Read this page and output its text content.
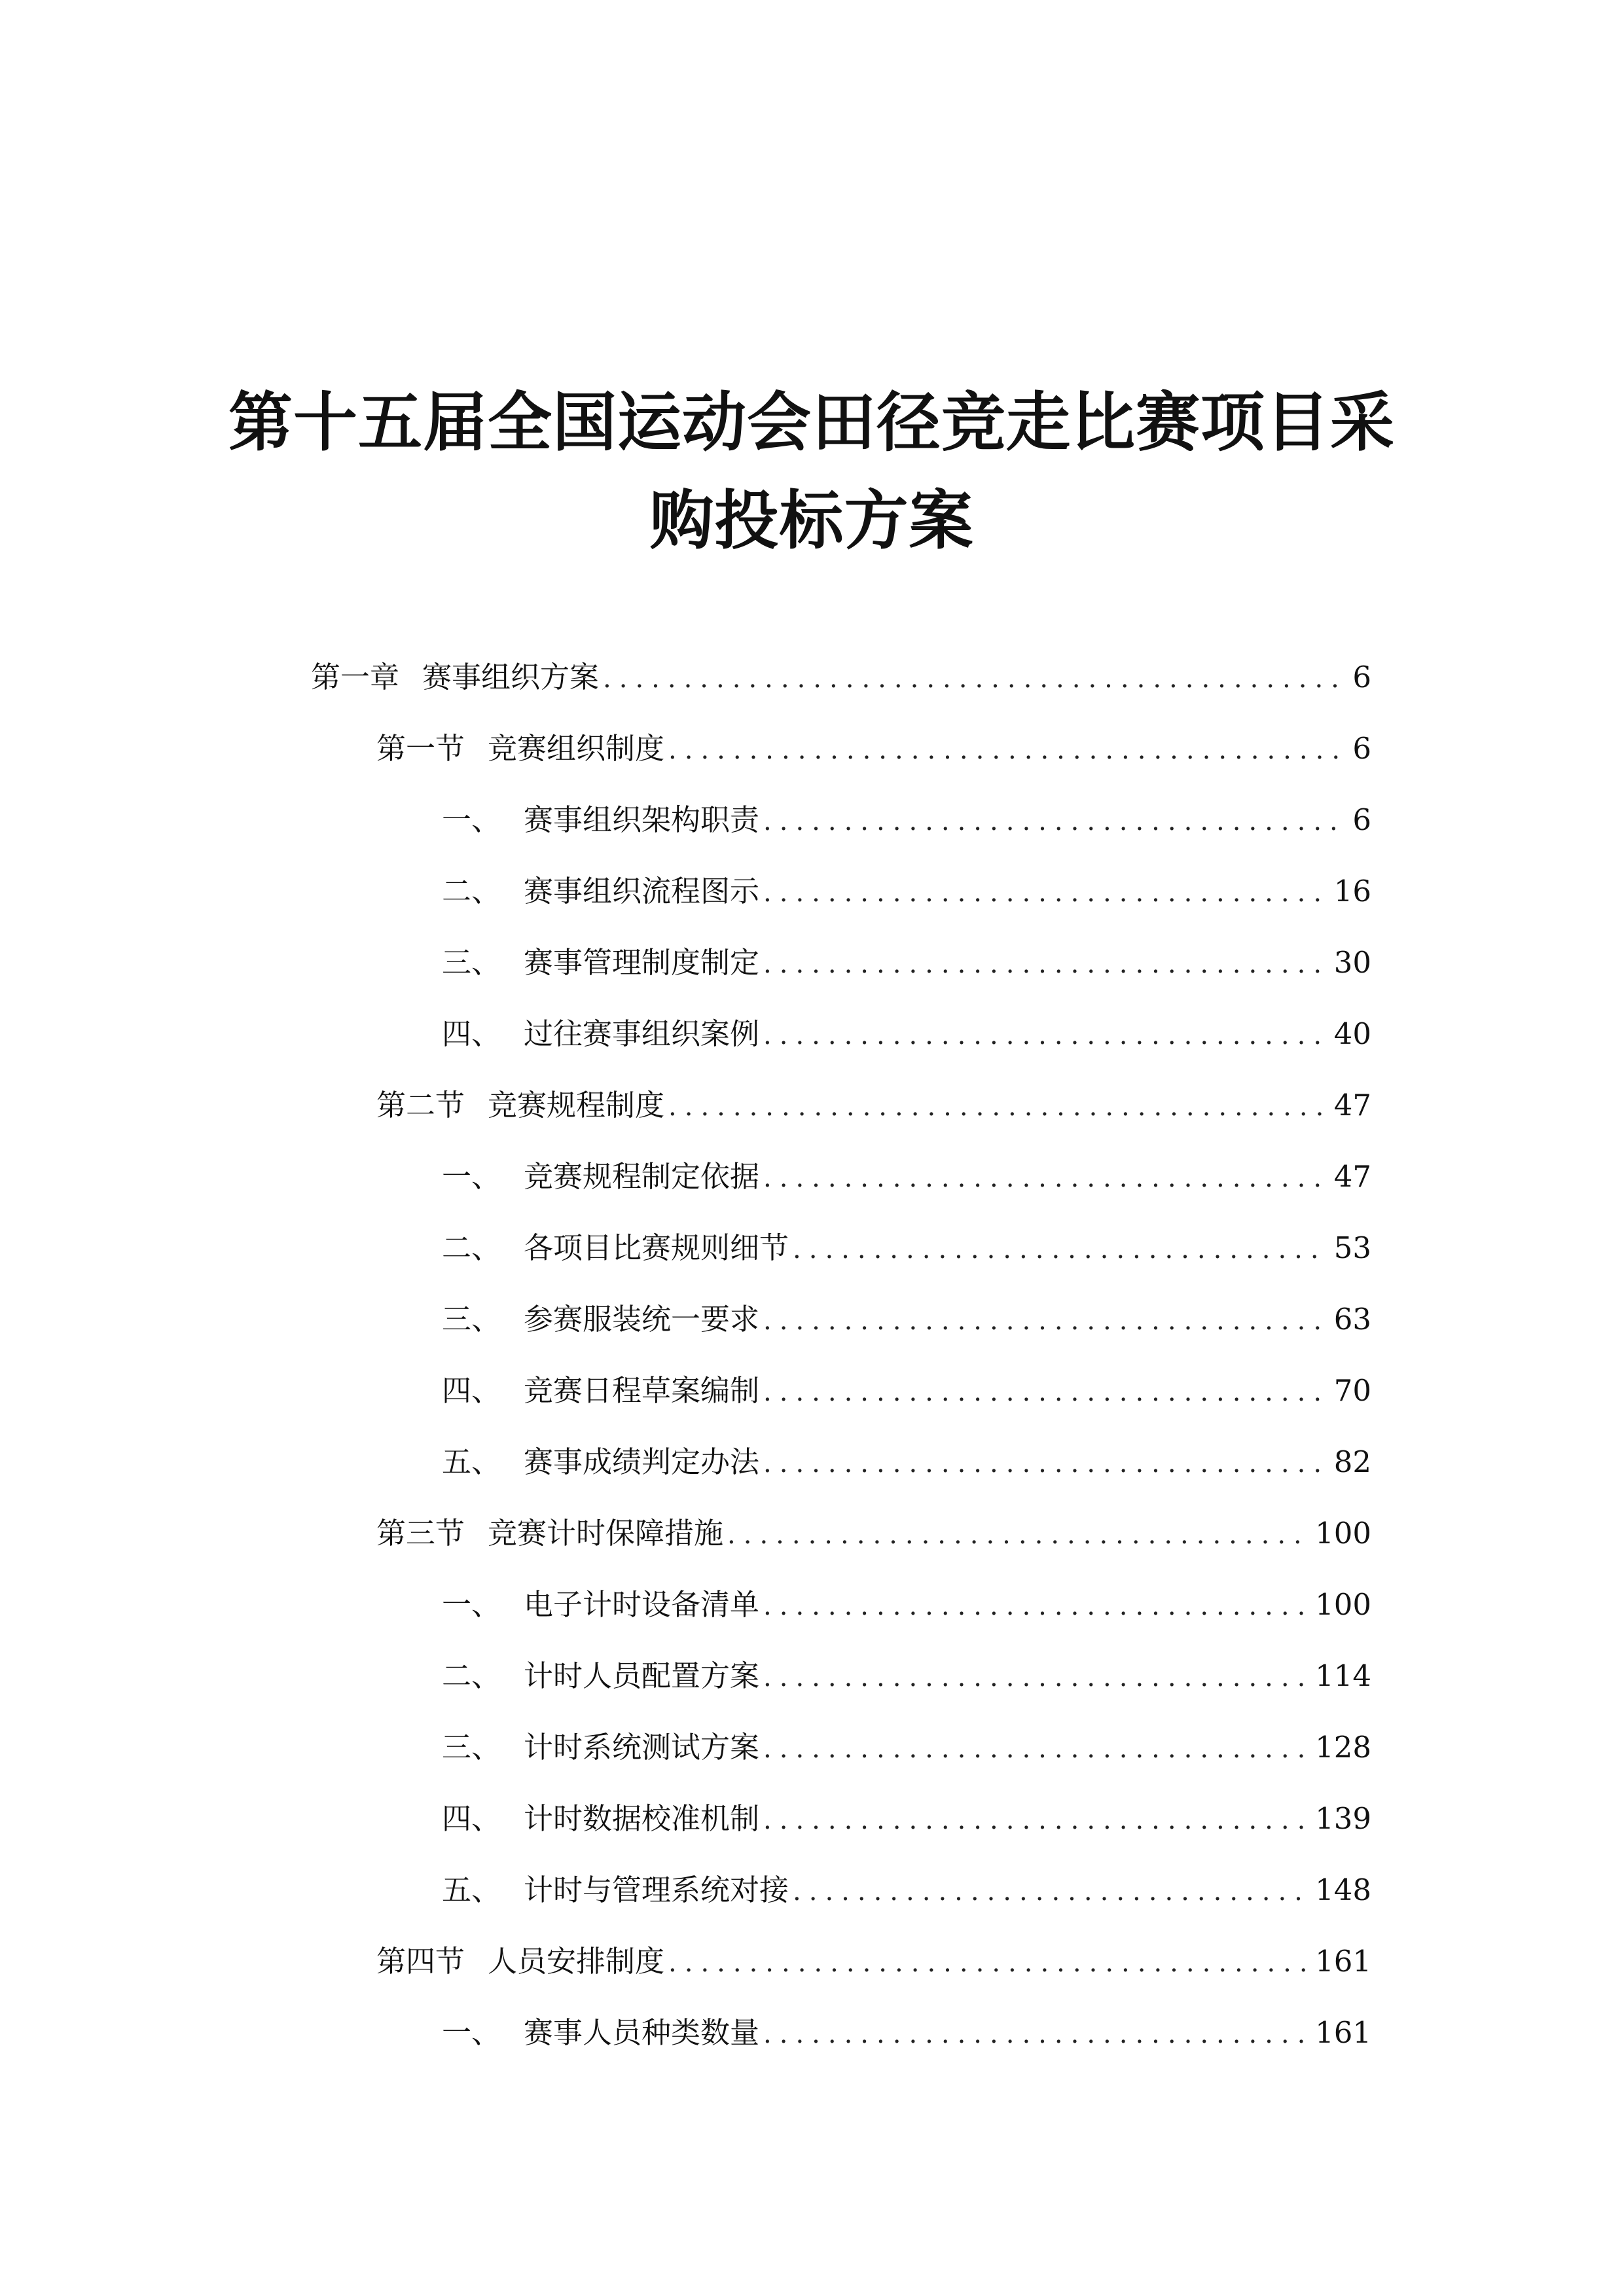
第十五届全国运动会田径竞走比赛项目采
购投标方案
第一章 赛事组织方案 .....	6
第一节 竞赛组织制度 .....	6
一、 赛事组织架构职责 .....	6
二、 赛事组织流程图示 .....	16
三、 赛事管理制度制定 .....	30
四、 过往赛事组织案例 .....	40
第二节 竞赛规程制度 .....	47
一、 竞赛规程制定依据 .....	47
二、 各项目比赛规则细节 .....	53
三、 参赛服装统一要求 .....	63
四、 竞赛日程草案编制 .....	70
五、 赛事成绩判定办法 .....	82
第三节 竞赛计时保障措施 .....	100
一、 电子计时设备清单 .....	100
二、 计时人员配置方案 .....	114
三、 计时系统测试方案 .....	128
四、 计时数据校准机制 .....	139
五、 计时与管理系统对接 .....	148
第四节 人员安排制度 .....	161
一、 赛事人员种类数量 .....	161
